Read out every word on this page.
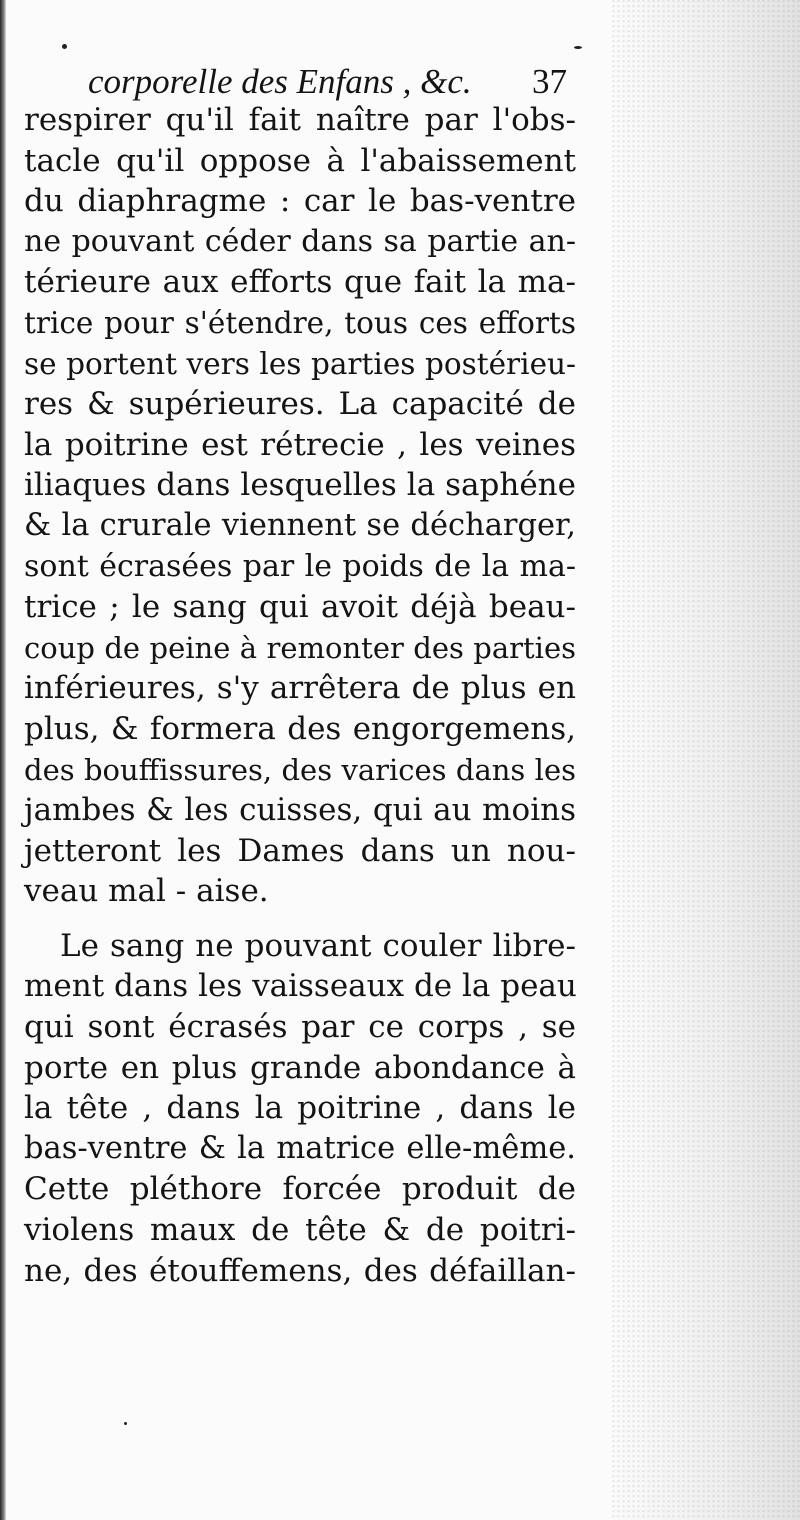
corporelle des Enfans , &c. 37
respirer qu'il fait naître par l'obs-
tacle qu'il oppose à l'abaissement
du diaphragme : car le bas-ventre
ne pouvant céder dans sa partie an-
térieure aux efforts que fait la ma-
trice pour s'étendre, tous ces efforts
se portent vers les parties postérieu-
res & supérieures. La capacité de
la poitrine est rétrecie , les veines
iliaques dans lesquelles la saphéne
& la crurale viennent se décharger,
sont écrasées par le poids de la ma-
trice ; le sang qui avoit déjà beau-
coup de peine à remonter des parties
inférieures, s'y arrêtera de plus en
plus, & formera des engorgemens,
des bouffissures, des varices dans les
jambes & les cuisses, qui au moins
jetteront les Dames dans un nou-
veau mal - aise.
Le sang ne pouvant couler libre-
ment dans les vaisseaux de la peau
qui sont écrasés par ce corps , se
porte en plus grande abondance à
la tête , dans la poitrine , dans le
bas-ventre & la matrice elle-même.
Cette pléthore forcée produit de
violens maux de tête & de poitri-
ne, des étouffemens, des défaillan-
